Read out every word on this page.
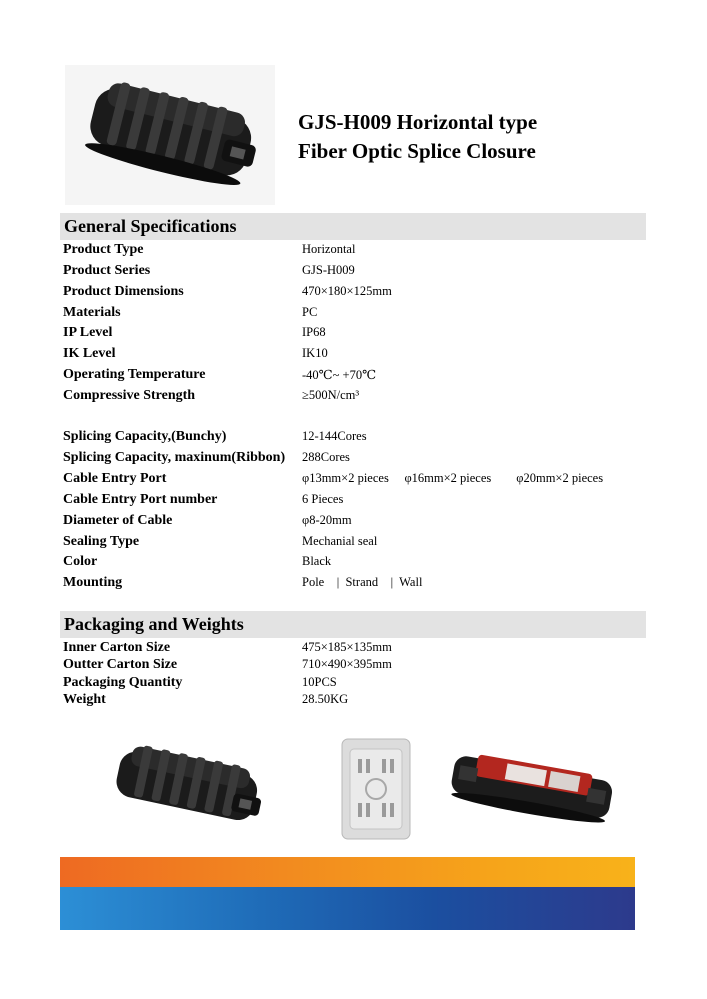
GJS-H009 Horizontal type
Fiber Optic Splice Closure
General Specifications
Product Type	Horizontal
Product Series	GJS-H009
Product Dimensions	470×180×125mm
Materials	PC
IP Level	IP68
IK Level	IK10
Operating Temperature	-40℃~ +70℃
Compressive Strength	≥500N/cm³
Splicing Capacity,(Bunchy)	12-144Cores
Splicing Capacity, maxinum(Ribbon) 288Cores
Cable Entry Port	φ13mm×2 pieces     φ16mm×2 pieces        φ20mm×2 pieces
Cable Entry Port number	6 Pieces
Diameter of Cable	φ8-20mm
Sealing Type	Mechanial seal
Color	Black
Mounting	Pole    |  Strand    |  Wall
Packaging and Weights
Inner Carton Size	475×185×135mm
Outter Carton Size	710×490×395mm
Packaging Quantity	10PCS
Weight	28.50KG
